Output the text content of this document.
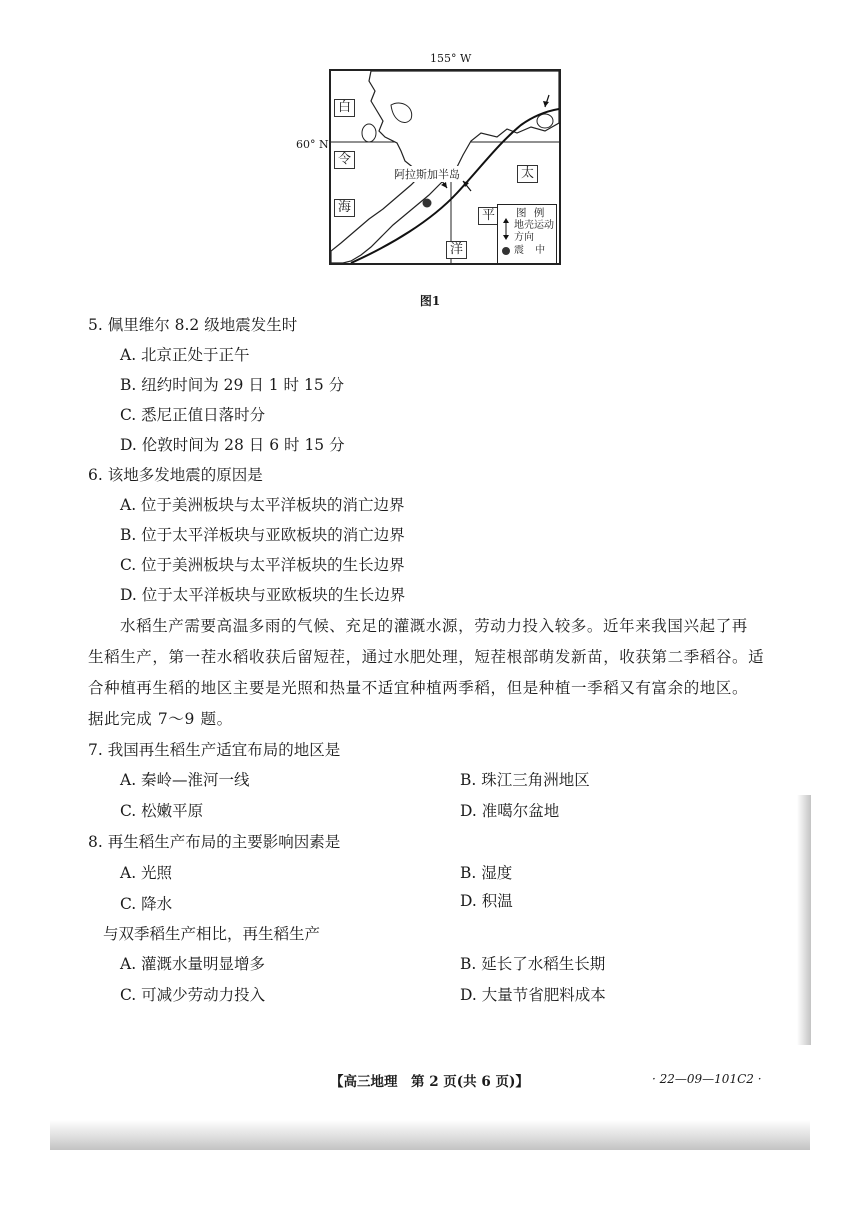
155° W
60° N
白
令
海
太
平
洋
阿拉斯加半岛
图 例
地壳运动方向
震 中
图1
5. 佩里维尔 8.2 级地震发生时
A. 北京正处于正午
B. 纽约时间为 29 日 1 时 15 分
C. 悉尼正值日落时分
D. 伦敦时间为 28 日 6 时 15 分
6. 该地多发地震的原因是
A. 位于美洲板块与太平洋板块的消亡边界
B. 位于太平洋板块与亚欧板块的消亡边界
C. 位于美洲板块与太平洋板块的生长边界
D. 位于太平洋板块与亚欧板块的生长边界
水稻生产需要高温多雨的气候、充足的灌溉水源，劳动力投入较多。近年来我国兴起了再
生稻生产，第一茬水稻收获后留短茬，通过水肥处理，短茬根部萌发新苗，收获第二季稻谷。适
合种植再生稻的地区主要是光照和热量不适宜种植两季稻，但是种植一季稻又有富余的地区。
据此完成 7～9 题。
7. 我国再生稻生产适宜布局的地区是
A. 秦岭—淮河一线	B. 珠江三角洲地区
C. 松嫩平原	D. 准噶尔盆地
8. 再生稻生产布局的主要影响因素是
A. 光照	B. 湿度
C. 降水	D. 积温
与双季稻生产相比，再生稻生产
A. 灌溉水量明显增多	B. 延长了水稻生长期
C. 可减少劳动力投入	D. 大量节省肥料成本
【高三地理　第 2 页(共 6 页)】	· 22—09—101C2 ·
